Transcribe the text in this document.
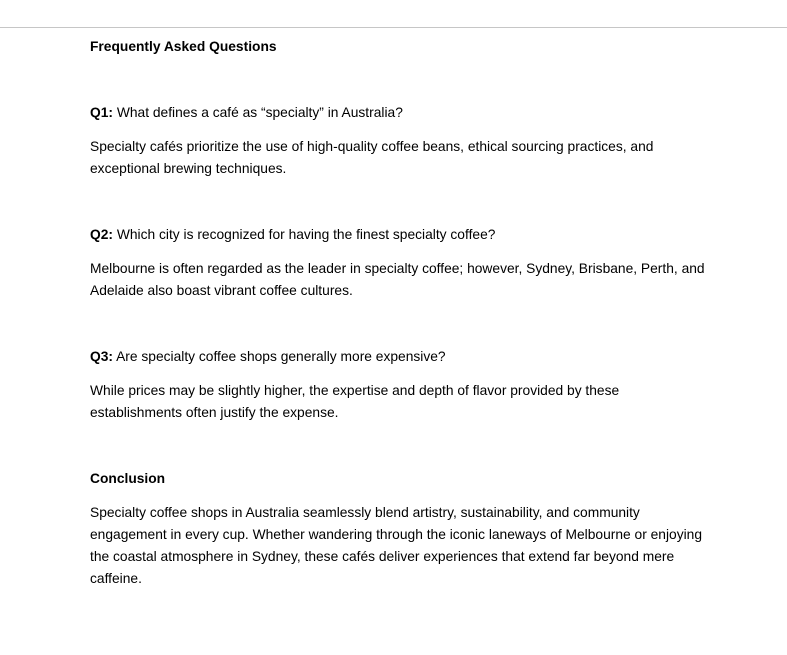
Frequently Asked Questions

Q1: What defines a café as “specialty” in Australia?

Specialty cafés prioritize the use of high-quality coffee beans, ethical sourcing practices, and exceptional brewing techniques.

Q2: Which city is recognized for having the finest specialty coffee?

Melbourne is often regarded as the leader in specialty coffee; however, Sydney, Brisbane, Perth, and Adelaide also boast vibrant coffee cultures.

Q3: Are specialty coffee shops generally more expensive?

While prices may be slightly higher, the expertise and depth of flavor provided by these establishments often justify the expense.

Conclusion

Specialty coffee shops in Australia seamlessly blend artistry, sustainability, and community engagement in every cup. Whether wandering through the iconic laneways of Melbourne or enjoying the coastal atmosphere in Sydney, these cafés deliver experiences that extend far beyond mere caffeine.
